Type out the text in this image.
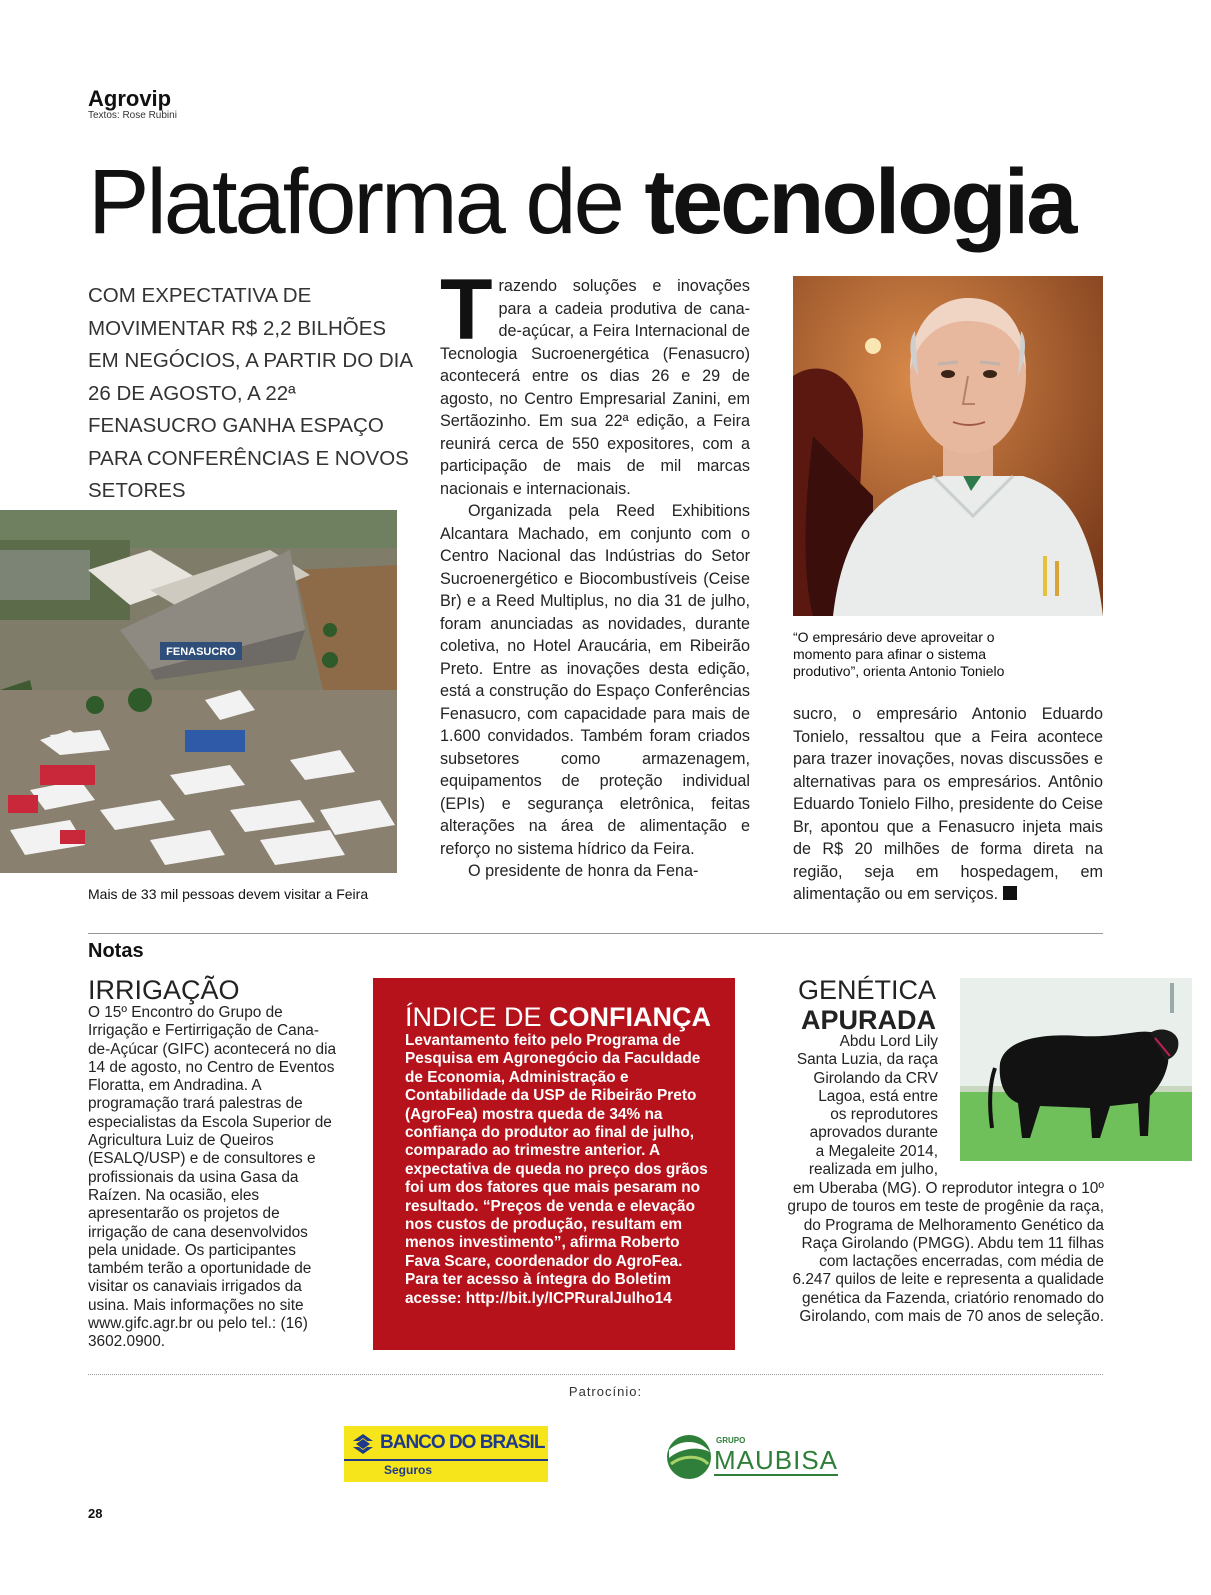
Agrovip
Textos: Rose Rubini
Plataforma de tecnologia
COM EXPECTATIVA DE MOVIMENTAR R$ 2,2 BILHÕES EM NEGÓCIOS, A PARTIR DO DIA 26 DE AGOSTO, A 22ª FENASUCRO GANHA ESPAÇO PARA CONFERÊNCIAS E NOVOS SETORES
FENASUCRO
Mais de 33 mil pessoas devem visitar a Feira
T razendo soluções e inovações para a cadeia produtiva de cana-de-açúcar, a Feira Internacional de Tecnologia Sucroenergética (Fenasucro) acontecerá entre os dias 26 e 29 de agosto, no Centro Empresarial Zanini, em Sertãozinho. Em sua 22ª edição, a Feira reunirá cerca de 550 expositores, com a participação de mais de mil marcas nacionais e internacionais.

Organizada pela Reed Exhibitions Alcantara Machado, em conjunto com o Centro Nacional das Indústrias do Setor Sucroenergético e Biocombustíveis (Ceise Br) e a Reed Multiplus, no dia 31 de julho, foram anunciadas as novidades, durante coletiva, no Hotel Araucária, em Ribeirão Preto. Entre as inovações desta edição, está a construção do Espaço Conferências Fenasucro, com capacidade para mais de 1.600 convidados. Também foram criados subsetores como armazenagem, equipamentos de proteção individual (EPIs) e segurança eletrônica, feitas alterações na área de alimentação e reforço no sistema hídrico da Feira.

O presidente de honra da Fena-

“O empresário deve aproveitar o momento para afinar o sistema produtivo”, orienta Antonio Tonielo

sucro, o empresário Antonio Eduardo Tonielo, ressaltou que a Feira acontece para trazer inovações, novas discussões e alternativas para os empresários. Antônio Eduardo Tonielo Filho, presidente do Ceise Br, apontou que a Fenasucro injeta mais de R$ 20 milhões de forma direta na região, seja em hospedagem, em alimentação ou em serviços.

Notas
IRRIGAÇÃO
O 15º Encontro do Grupo de Irrigação e Fertirrigação de Cana-de-Açúcar (GIFC) acontecerá no dia 14 de agosto, no Centro de Eventos Floratta, em Andradina. A programação trará palestras de especialistas da Escola Superior de Agricultura Luiz de Queiros (ESALQ/USP) e de consultores e profissionais da usina Gasa da Raízen. Na ocasião, eles apresentarão os projetos de irrigação de cana desenvolvidos pela unidade. Os participantes também terão a oportunidade de visitar os canaviais irrigados da usina. Mais informações no site www.gifc.agr.br ou pelo tel.: (16) 3602.0900.
ÍNDICE DE CONFIANÇA
Levantamento feito pelo Programa de Pesquisa em Agronegócio da Faculdade de Economia, Administração e Contabilidade da USP de Ribeirão Preto (AgroFea) mostra queda de 34% na confiança do produtor ao final de julho, comparado ao trimestre anterior. A expectativa de queda no preço dos grãos foi um dos fatores que mais pesaram no resultado. “Preços de venda e elevação nos custos de produção, resultam em menos investimento”, afirma Roberto Fava Scare, coordenador do AgroFea. Para ter acesso à íntegra do Boletim acesse: http://bit.ly/ICPRuralJulho14
GENÉTICA
APURADA
Abdu Lord Lily
Santa Luzia, da raça
Girolando da CRV
Lagoa, está entre
os reprodutores
aprovados durante
a Megaleite 2014,
realizada em julho,
em Uberaba (MG). O reprodutor integra o 10º grupo de touros em teste de progênie da raça, do Programa de Melhoramento Genético da Raça Girolando (PMGG). Abdu tem 11 filhas com lactações encerradas, com média de 6.247 quilos de leite e representa a qualidade genética da Fazenda, criatório renomado do Girolando, com mais de 70 anos de seleção.
Patrocínio:
BANCO DO BRASIL
Seguros
GRUPO
MAUBISA
28
